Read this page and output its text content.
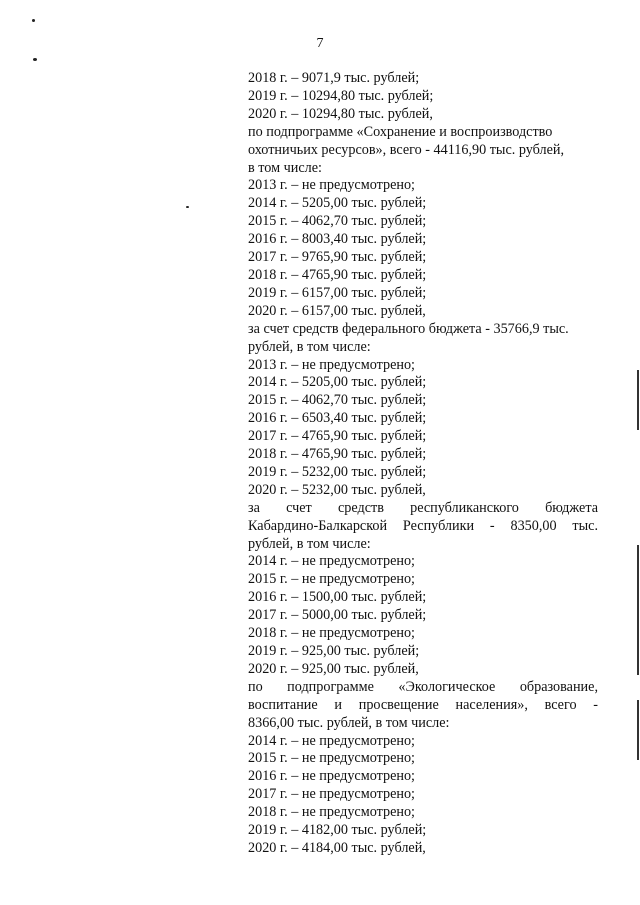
7
2018 г. – 9071,9 тыс. рублей;
2019 г. – 10294,80 тыс. рублей;
2020 г. – 10294,80 тыс. рублей,
по подпрограмме «Сохранение и воспроизводство
охотничьих ресурсов», всего - 44116,90 тыс. рублей,
в том числе:
2013 г. – не предусмотрено;
2014 г. – 5205,00 тыс. рублей;
2015 г. – 4062,70 тыс. рублей;
2016 г. – 8003,40 тыс. рублей;
2017 г. – 9765,90 тыс. рублей;
2018 г. – 4765,90 тыс. рублей;
2019 г. – 6157,00 тыс. рублей;
2020 г. – 6157,00 тыс. рублей,
за счет средств федерального бюджета - 35766,9 тыс.
рублей, в том числе:
2013 г. – не предусмотрено;
2014 г. – 5205,00 тыс. рублей;
2015 г. – 4062,70 тыс. рублей;
2016 г. – 6503,40 тыс. рублей;
2017 г. – 4765,90 тыс. рублей;
2018 г. – 4765,90 тыс. рублей;
2019 г. – 5232,00 тыс. рублей;
2020 г. – 5232,00 тыс. рублей,
за счет средств республиканского бюджета
Кабардино-Балкарской Республики - 8350,00 тыс.
рублей, в том числе:
2014 г. – не предусмотрено;
2015 г. – не предусмотрено;
2016 г. – 1500,00 тыс. рублей;
2017 г. – 5000,00 тыс. рублей;
2018 г. – не предусмотрено;
2019 г. – 925,00 тыс. рублей;
2020 г. – 925,00 тыс. рублей,
по подпрограмме «Экологическое образование,
воспитание и просвещение населения», всего -
8366,00 тыс. рублей, в том числе:
2014 г. – не предусмотрено;
2015 г. – не предусмотрено;
2016 г. – не предусмотрено;
2017 г. – не предусмотрено;
2018 г. – не предусмотрено;
2019 г. – 4182,00 тыс. рублей;
2020 г. – 4184,00 тыс. рублей,
